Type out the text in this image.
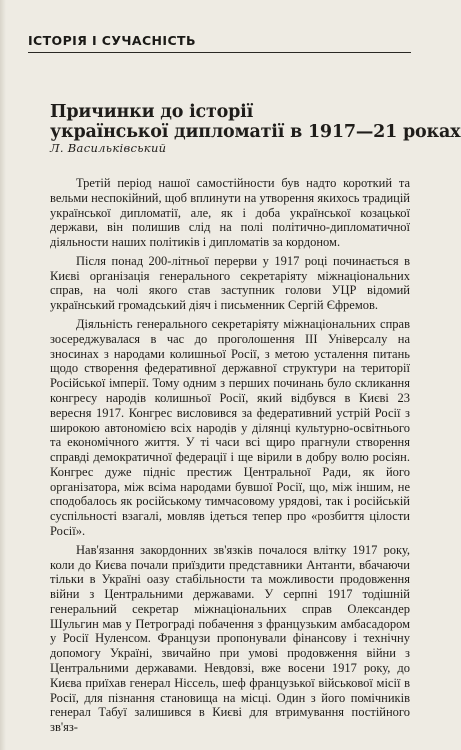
ІСТОРІЯ І СУЧАСНІСТЬ
Причинки до історії
української дипломатії в 1917—21 роках
Л. Васильківський

Третій період нашої самостійности був надто короткий та вельми неспокійний, щоб вплинути на утворення якихось традицій української дипломатії, але, як і доба української козацької держави, він полишив слід на полі політично-дипломатичної діяльности наших політиків і дипломатів за кордоном.

Після понад 200-літньої перерви у 1917 році починається в Києві організація генерального секретаріяту міжнаціональних справ, на чолі якого став заступник голови УЦР відомий український громадський діяч і письменник Сергій Єфремов.

Діяльність генерального секретаріяту міжнаціональних справ зосереджувалася в час до проголошення III Універсалу на зносинах з народами колишньої Росії, з метою усталення питань щодо створення федеративної державної структури на території Російської імперії. Тому одним з перших починань було скликання конгресу народів колишньої Росії, який відбувся в Києві 23 вересня 1917. Конгрес висловився за федеративний устрій Росії з широкою автономією всіх народів у ділянці культурно-освітнього та економічного життя. У ті часи всі щиро прагнули створення справді демократичної федерації і ще вірили в добру волю росіян. Конгрес дуже підніс престиж Центральної Ради, як його організатора, між всіма народами бувшої Росії, що, між іншим, не сподобалось як російському тимчасовому урядові, так і російській суспільності взагалі, мовляв ідеться тепер про «розбиття цілости Росії».

Нав'язання закордонних зв'язків почалося влітку 1917 року, коли до Києва почали приїздити представники Антанти, вбачаючи тільки в Україні оазу стабільности та можливости продовження війни з Центральними державами. У серпні 1917 тодішній генеральний секретар міжнаціональних справ Олександер Шульгин мав у Петрограді побачення з французьким амбасадором у Росії Нуленсом. Французи пропонували фінансову і технічну допомогу Україні, звичайно при умові продовження війни з Центральними державами. Невдовзі, вже восени 1917 року, до Києва приїхав генерал Ніссель, шеф французької військової місії в Росії, для пізнання становища на місці. Один з його помічників генерал Табуї залишився в Києві для втримування постійного зв'яз-
